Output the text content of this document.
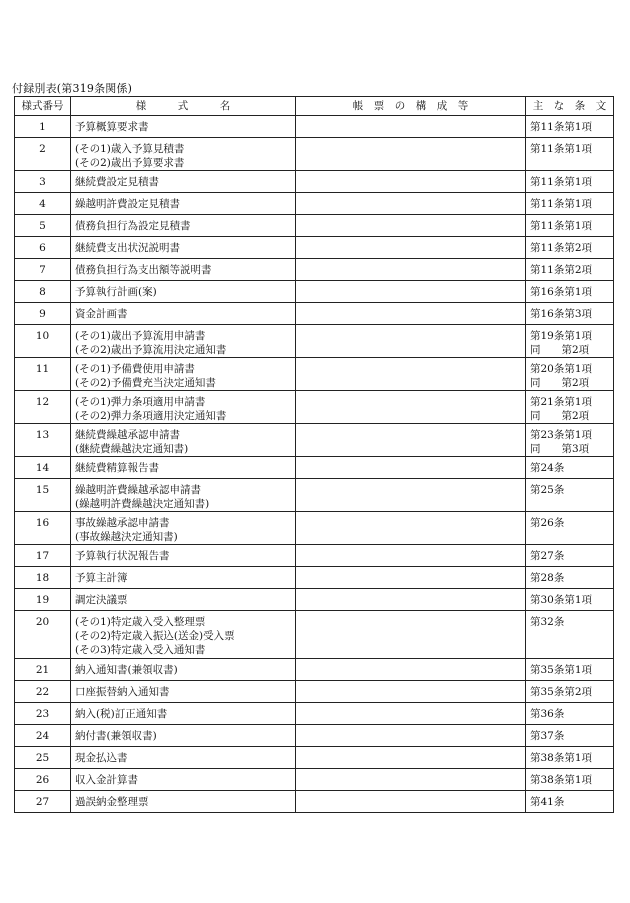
付録別表(第319条関係)
様式番号	様　　　式　　　名	帳　票　の　構　成　等	主　な　条　文
1	予算概算要求書		第11条第1項

2	(その1)歳入予算見積書
(その2)歳出予算要求書		第11条第1項

3	継続費設定見積書		第11条第1項

4	繰越明許費設定見積書		第11条第1項

5	債務負担行為設定見積書		第11条第1項

6	継続費支出状況説明書		第11条第2項

7	債務負担行為支出額等説明書		第11条第2項

8	予算執行計画(案)		第16条第1項

9	資金計画書		第16条第3項

10	(その1)歳出予算流用申請書
(その2)歳出予算流用決定通知書		第19条第1項
同　　第2項

11	(その1)予備費使用申請書
(その2)予備費充当決定通知書		第20条第1項
同　　第2項

12	(その1)弾力条項適用申請書
(その2)弾力条項適用決定通知書		第21条第1項
同　　第2項

13	継続費繰越承認申請書
(継続費繰越決定通知書)		第23条第1項
同　　第3項

14	継続費精算報告書		第24条

15	繰越明許費繰越承認申請書
(繰越明許費繰越決定通知書)		第25条

16	事故繰越承認申請書
(事故繰越決定通知書)		第26条

17	予算執行状況報告書		第27条

18	予算主計簿		第28条

19	調定決議票		第30条第1項

20	(その1)特定歳入受入整理票
(その2)特定歳入振込(送金)受入票
(その3)特定歳入受入通知書		第32条

21	納入通知書(兼領収書)		第35条第1項

22	口座振替納入通知書		第35条第2項

23	納入(税)訂正通知書		第36条

24	納付書(兼領収書)		第37条

25	現金払込書		第38条第1項

26	収入金計算書		第38条第1項

27	過誤納金整理票		第41条
